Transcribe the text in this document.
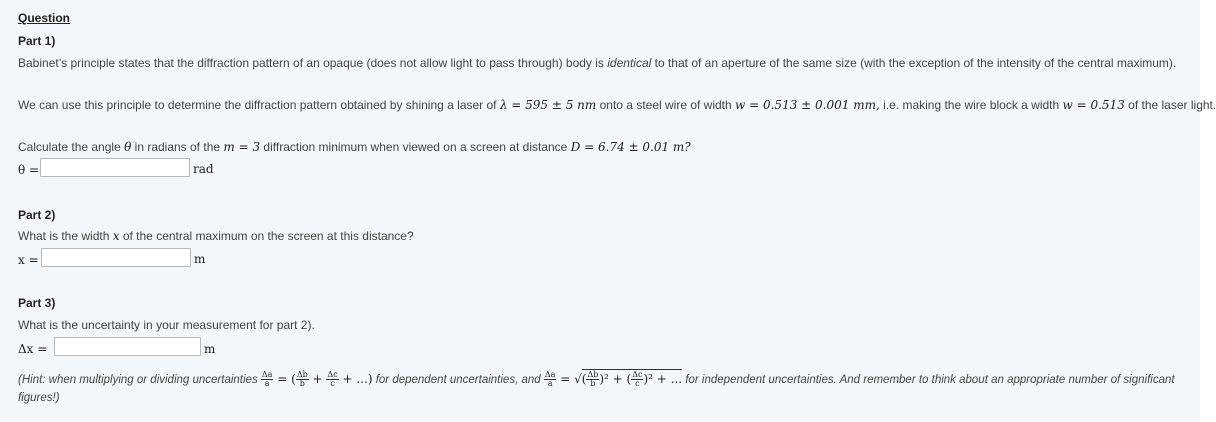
Question
Part 1)
Babinet’s principle states that the diffraction pattern of an opaque (does not allow light to pass through) body is identical to that of an aperture of the same size (with the exception of the intensity of the central maximum).
We can use this principle to determine the diffraction pattern obtained by shining a laser of λ = 595 ± 5 nm onto a steel wire of width w = 0.513 ± 0.001 mm, i.e. making the wire block a width w = 0.513 of the laser light.
Calculate the angle θ in radians of the m = 3 diffraction minimum when viewed on a screen at distance D = 6.74 ± 0.01 m?
θ =	rad
Part 2)
What is the width x of the central maximum on the screen at this distance?
x =	m
Part 3)
What is the uncertainty in your measurement for part 2).
Δx =	m
(Hint: when multiplying or dividing uncertainties $\frac{\Delta a}{a}$ = ( $\frac{\Delta b}{b} + \frac{\Delta c}{c}$ + ...) for dependent uncertainties, and $\frac{\Delta a}{a}$ = √( $\frac{\Delta b}{b} )^2$ + ( $\frac{\Delta c}{c} )^2$ + ... for independent uncertainties. And remember to think about an appropriate number of significant
figures!)
